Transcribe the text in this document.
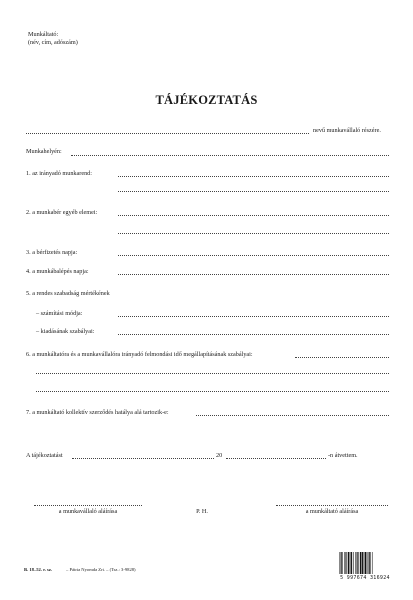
Munkáltató:
(név, cím, adószám)
TÁJÉKOZTATÁS
nevű munkavállaló részére.
Munkahelyén:
1. az irányadó munkarend:
2. a munkabér egyéb elemei:
3. a bérfizetés napja:
4. a munkábalépés napja:
5. a rendes szabadság mértékének
– számítási módja:
– kiadásának szabályai:
6. a munkáltatóra és a munkavállalóra irányadó felmondási idő megállapításának szabályai:
7. a munkáltató kollektív szerződés hatálya alá tartozik-e:
A tájékoztatást	20	-n átvettem.
a munkavállaló aláírása	P. H.	a munkáltató aláírása
B. 18–52. r. sz.	– Pátria Nyomda Zrt. – (Tsz.: 3-9828)
5 997674 316924
